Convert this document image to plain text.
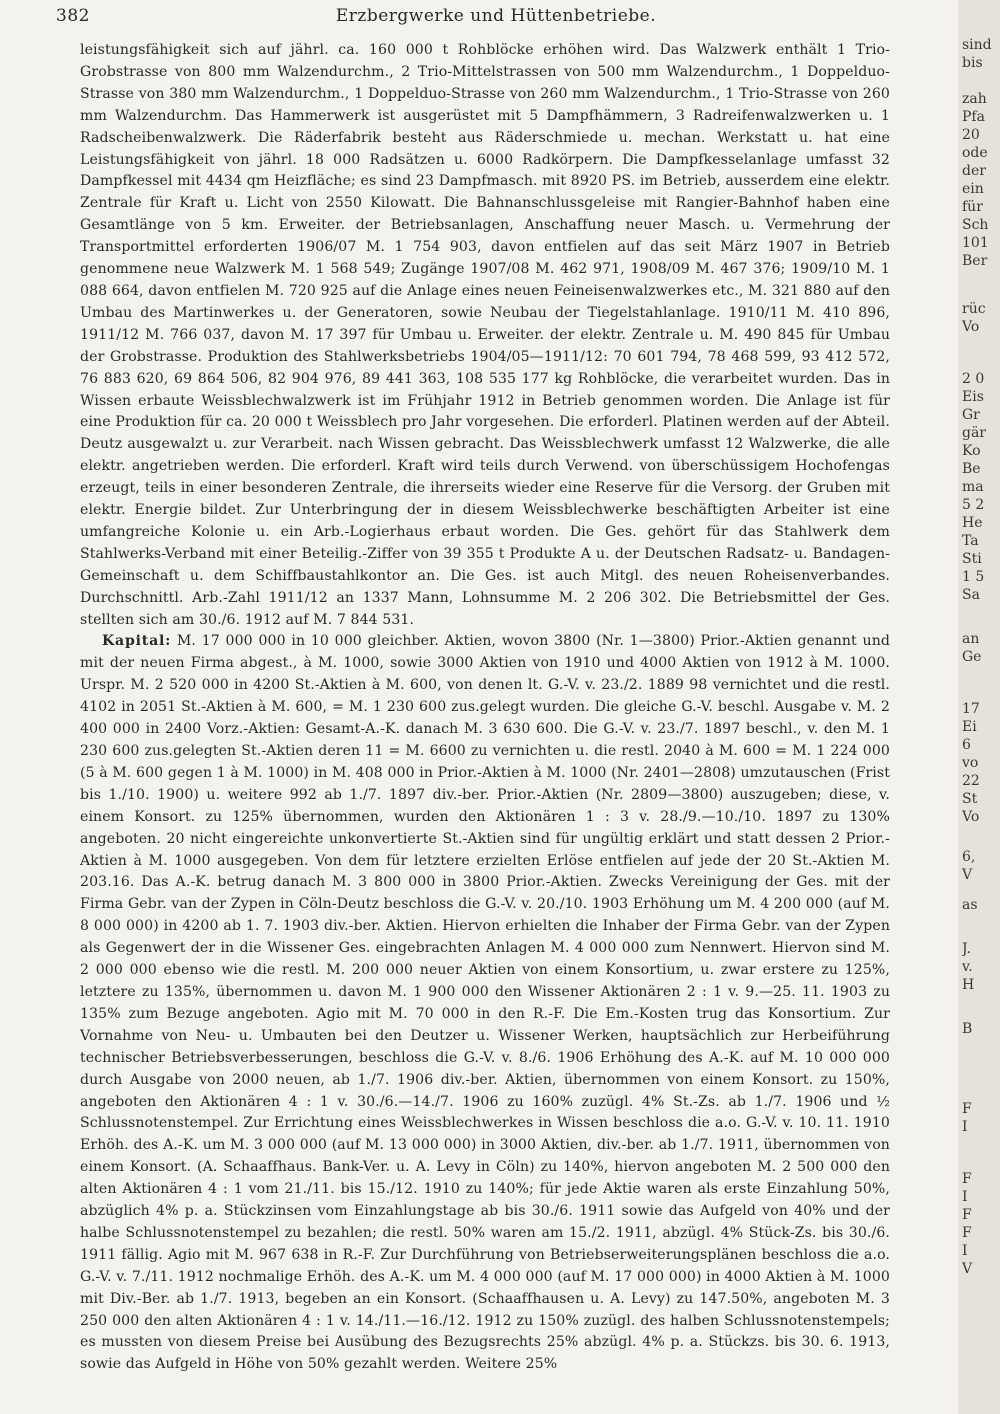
382	Erzbergwerke und Hüttenbetriebe.

leistungsfähigkeit sich auf jährl. ca. 160 000 t Rohblöcke erhöhen wird. Das Walzwerk enthält 1 Trio-Grobstrasse von 800 mm Walzendurchm., 2 Trio-Mittelstrassen von 500 mm Walzendurchm., 1 Doppelduo-Strasse von 380 mm Walzendurchm., 1 Doppelduo-Strasse von 260 mm Walzendurchm., 1 Trio-Strasse von 260 mm Walzendurchm. Das Hammerwerk ist ausgerüstet mit 5 Dampfhämmern, 3 Radreifenwalzwerken u. 1 Radscheibenwalzwerk. Die Räderfabrik besteht aus Räderschmiede u. mechan. Werkstatt u. hat eine Leistungsfähigkeit von jährl. 18 000 Radsätzen u. 6000 Radkörpern. Die Dampfkesselanlage umfasst 32 Dampfkessel mit 4434 qm Heizfläche; es sind 23 Dampfmasch. mit 8920 PS. im Betrieb, ausserdem eine elektr. Zentrale für Kraft u. Licht von 2550 Kilowatt. Die Bahnanschlussgeleise mit Rangier-Bahnhof haben eine Gesamtlänge von 5 km. Erweiter. der Betriebsanlagen, Anschaffung neuer Masch. u. Vermehrung der Transportmittel erforderten 1906/07 M. 1 754 903, davon entfielen auf das seit März 1907 in Betrieb genommene neue Walzwerk M. 1 568 549; Zugänge 1907/08 M. 462 971, 1908/09 M. 467 376; 1909/10 M. 1 088 664, davon entfielen M. 720 925 auf die Anlage eines neuen Feineisenwalzwerkes etc., M. 321 880 auf den Umbau des Martinwerkes u. der Generatoren, sowie Neubau der Tiegelstahlanlage. 1910/11 M. 410 896, 1911/12 M. 766 037, davon M. 17 397 für Umbau u. Erweiter. der elektr. Zentrale u. M. 490 845 für Umbau der Grobstrasse. Produktion des Stahlwerksbetriebs 1904/05—1911/12: 70 601 794, 78 468 599, 93 412 572, 76 883 620, 69 864 506, 82 904 976, 89 441 363, 108 535 177 kg Rohblöcke, die verarbeitet wurden. Das in Wissen erbaute Weissblechwalzwerk ist im Frühjahr 1912 in Betrieb genommen worden. Die Anlage ist für eine Produktion für ca. 20 000 t Weissblech pro Jahr vorgesehen. Die erforderl. Platinen werden auf der Abteil. Deutz ausgewalzt u. zur Verarbeit. nach Wissen gebracht. Das Weissblechwerk umfasst 12 Walzwerke, die alle elektr. angetrieben werden. Die erforderl. Kraft wird teils durch Verwend. von überschüssigem Hochofengas erzeugt, teils in einer besonderen Zentrale, die ihrerseits wieder eine Reserve für die Versorg. der Gruben mit elektr. Energie bildet. Zur Unterbringung der in diesem Weissblechwerke beschäftigten Arbeiter ist eine umfangreiche Kolonie u. ein Arb.-Logierhaus erbaut worden. Die Ges. gehört für das Stahlwerk dem Stahlwerks-Verband mit einer Beteilig.-Ziffer von 39 355 t Produkte A u. der Deutschen Radsatz- u. Bandagen-Gemeinschaft u. dem Schiffbaustahlkontor an. Die Ges. ist auch Mitgl. des neuen Roheisenverbandes. Durchschnittl. Arb.-Zahl 1911/12 an 1337 Mann, Lohnsumme M. 2 206 302. Die Betriebsmittel der Ges. stellten sich am 30./6. 1912 auf M. 7 844 531.

Kapital: M. 17 000 000 in 10 000 gleichber. Aktien, wovon 3800 (Nr. 1—3800) Prior.-Aktien genannt und mit der neuen Firma abgest., à M. 1000, sowie 3000 Aktien von 1910 und 4000 Aktien von 1912 à M. 1000. Urspr. M. 2 520 000 in 4200 St.-Aktien à M. 600, von denen lt. G.-V. v. 23./2. 1889 98 vernichtet und die restl. 4102 in 2051 St.-Aktien à M. 600, = M. 1 230 600 zus.gelegt wurden. Die gleiche G.-V. beschl. Ausgabe v. M. 2 400 000 in 2400 Vorz.-Aktien: Gesamt-A.-K. danach M. 3 630 600. Die G.-V. v. 23./7. 1897 beschl., v. den M. 1 230 600 zus.gelegten St.-Aktien deren 11 = M. 6600 zu vernichten u. die restl. 2040 à M. 600 = M. 1 224 000 (5 à M. 600 gegen 1 à M. 1000) in M. 408 000 in Prior.-Aktien à M. 1000 (Nr. 2401—2808) umzutauschen (Frist bis 1./10. 1900) u. weitere 992 ab 1./7. 1897 div.-ber. Prior.-Aktien (Nr. 2809—3800) auszugeben; diese, v. einem Konsort. zu 125% übernommen, wurden den Aktionären 1 : 3 v. 28./9.—10./10. 1897 zu 130% angeboten. 20 nicht eingereichte unkonvertierte St.-Aktien sind für ungültig erklärt und statt dessen 2 Prior.-Aktien à M. 1000 ausgegeben. Von dem für letztere erzielten Erlöse entfielen auf jede der 20 St.-Aktien M. 203.16. Das A.-K. betrug danach M. 3 800 000 in 3800 Prior.-Aktien. Zwecks Vereinigung der Ges. mit der Firma Gebr. van der Zypen in Cöln-Deutz beschloss die G.-V. v. 20./10. 1903 Erhöhung um M. 4 200 000 (auf M. 8 000 000) in 4200 ab 1. 7. 1903 div.-ber. Aktien. Hiervon erhielten die Inhaber der Firma Gebr. van der Zypen als Gegenwert der in die Wissener Ges. eingebrachten Anlagen M. 4 000 000 zum Nennwert. Hiervon sind M. 2 000 000 ebenso wie die restl. M. 200 000 neuer Aktien von einem Konsortium, u. zwar erstere zu 125%, letztere zu 135%, übernommen u. davon M. 1 900 000 den Wissener Aktionären 2 : 1 v. 9.—25. 11. 1903 zu 135% zum Bezuge angeboten. Agio mit M. 70 000 in den R.-F. Die Em.-Kosten trug das Konsortium. Zur Vornahme von Neu- u. Umbauten bei den Deutzer u. Wissener Werken, hauptsächlich zur Herbeiführung technischer Betriebsverbesserungen, beschloss die G.-V. v. 8./6. 1906 Erhöhung des A.-K. auf M. 10 000 000 durch Ausgabe von 2000 neuen, ab 1./7. 1906 div.-ber. Aktien, übernommen von einem Konsort. zu 150%, angeboten den Aktionären 4 : 1 v. 30./6.—14./7. 1906 zu 160% zuzügl. 4% St.-Zs. ab 1./7. 1906 und ½ Schlussnotenstempel. Zur Errichtung eines Weissblechwerkes in Wissen beschloss die a.o. G.-V. v. 10. 11. 1910 Erhöh. des A.-K. um M. 3 000 000 (auf M. 13 000 000) in 3000 Aktien, div.-ber. ab 1./7. 1911, übernommen von einem Konsort. (A. Schaaffhaus. Bank-Ver. u. A. Levy in Cöln) zu 140%, hiervon angeboten M. 2 500 000 den alten Aktionären 4 : 1 vom 21./11. bis 15./12. 1910 zu 140%; für jede Aktie waren als erste Einzahlung 50%, abzüglich 4% p. a. Stückzinsen vom Einzahlungstage ab bis 30./6. 1911 sowie das Aufgeld von 40% und der halbe Schlussnotenstempel zu bezahlen; die restl. 50% waren am 15./2. 1911, abzügl. 4% Stück-Zs. bis 30./6. 1911 fällig. Agio mit M. 967 638 in R.-F. Zur Durchführung von Betriebserweiterungsplänen beschloss die a.o. G.-V. v. 7./11. 1912 nochmalige Erhöh. des A.-K. um M. 4 000 000 (auf M. 17 000 000) in 4000 Aktien à M. 1000 mit Div.-Ber. ab 1./7. 1913, begeben an ein Konsort. (Schaaffhausen u. A. Levy) zu 147.50%, angeboten M. 3 250 000 den alten Aktionären 4 : 1 v. 14./11.—16./12. 1912 zu 150% zuzügl. des halben Schlussnotenstempels; es mussten von diesem Preise bei Ausübung des Bezugsrechts 25% abzügl. 4% p. a. Stückzs. bis 30. 6. 1913, sowie das Aufgeld in Höhe von 50% gezahlt werden. Weitere 25%

sind
bis
zah
Pfa
20
ode
der
ein
für
Sch
101
Ber
rüc
Vo
2 0
Eis
Gr
gär
Ko
Be
ma
5 2
He
Ta
Sti
1 5
Sa
an
Ge
17
Ei
6
vo
22
St
Vo
6,
V
as
J.
v.
H
B
F
I
F
I
F
F
I
V
